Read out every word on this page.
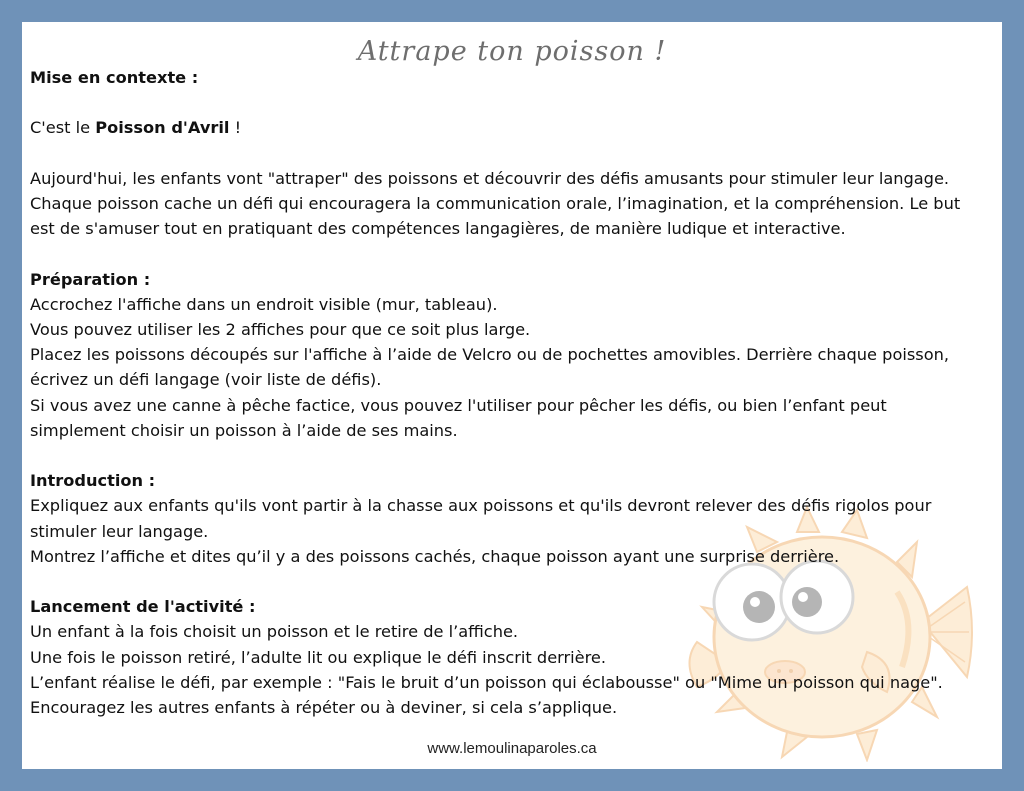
Attrape ton poisson !
Mise en contexte :
C'est le Poisson d'Avril !
Aujourd'hui, les enfants vont "attraper" des poissons et découvrir des défis amusants pour stimuler leur langage.
Chaque poisson cache un défi qui encouragera la communication orale, l’imagination, et la compréhension. Le but
est de s'amuser tout en pratiquant des compétences langagières, de manière ludique et interactive.
Préparation :
Accrochez l'affiche dans un endroit visible (mur, tableau).
Vous pouvez utiliser les 2 affiches pour que ce soit plus large.
Placez les poissons découpés sur l'affiche à l’aide de Velcro ou de pochettes amovibles. Derrière chaque poisson,
écrivez un défi langage (voir liste de défis).
Si vous avez une canne à pêche factice, vous pouvez l'utiliser pour pêcher les défis, ou bien l’enfant peut
simplement choisir un poisson à l’aide de ses mains.
Introduction :
Expliquez aux enfants qu'ils vont partir à la chasse aux poissons et qu'ils devront relever des défis rigolos pour
stimuler leur langage.
Montrez l’affiche et dites qu’il y a des poissons cachés, chaque poisson ayant une surprise derrière.
Lancement de l'activité :
Un enfant à la fois choisit un poisson et le retire de l’affiche.
Une fois le poisson retiré, l’adulte lit ou explique le défi inscrit derrière.
L’enfant réalise le défi, par exemple : "Fais le bruit d’un poisson qui éclabousse" ou "Mime un poisson qui nage".
Encouragez les autres enfants à répéter ou à deviner, si cela s’applique.
www.lemoulinaparoles.ca
